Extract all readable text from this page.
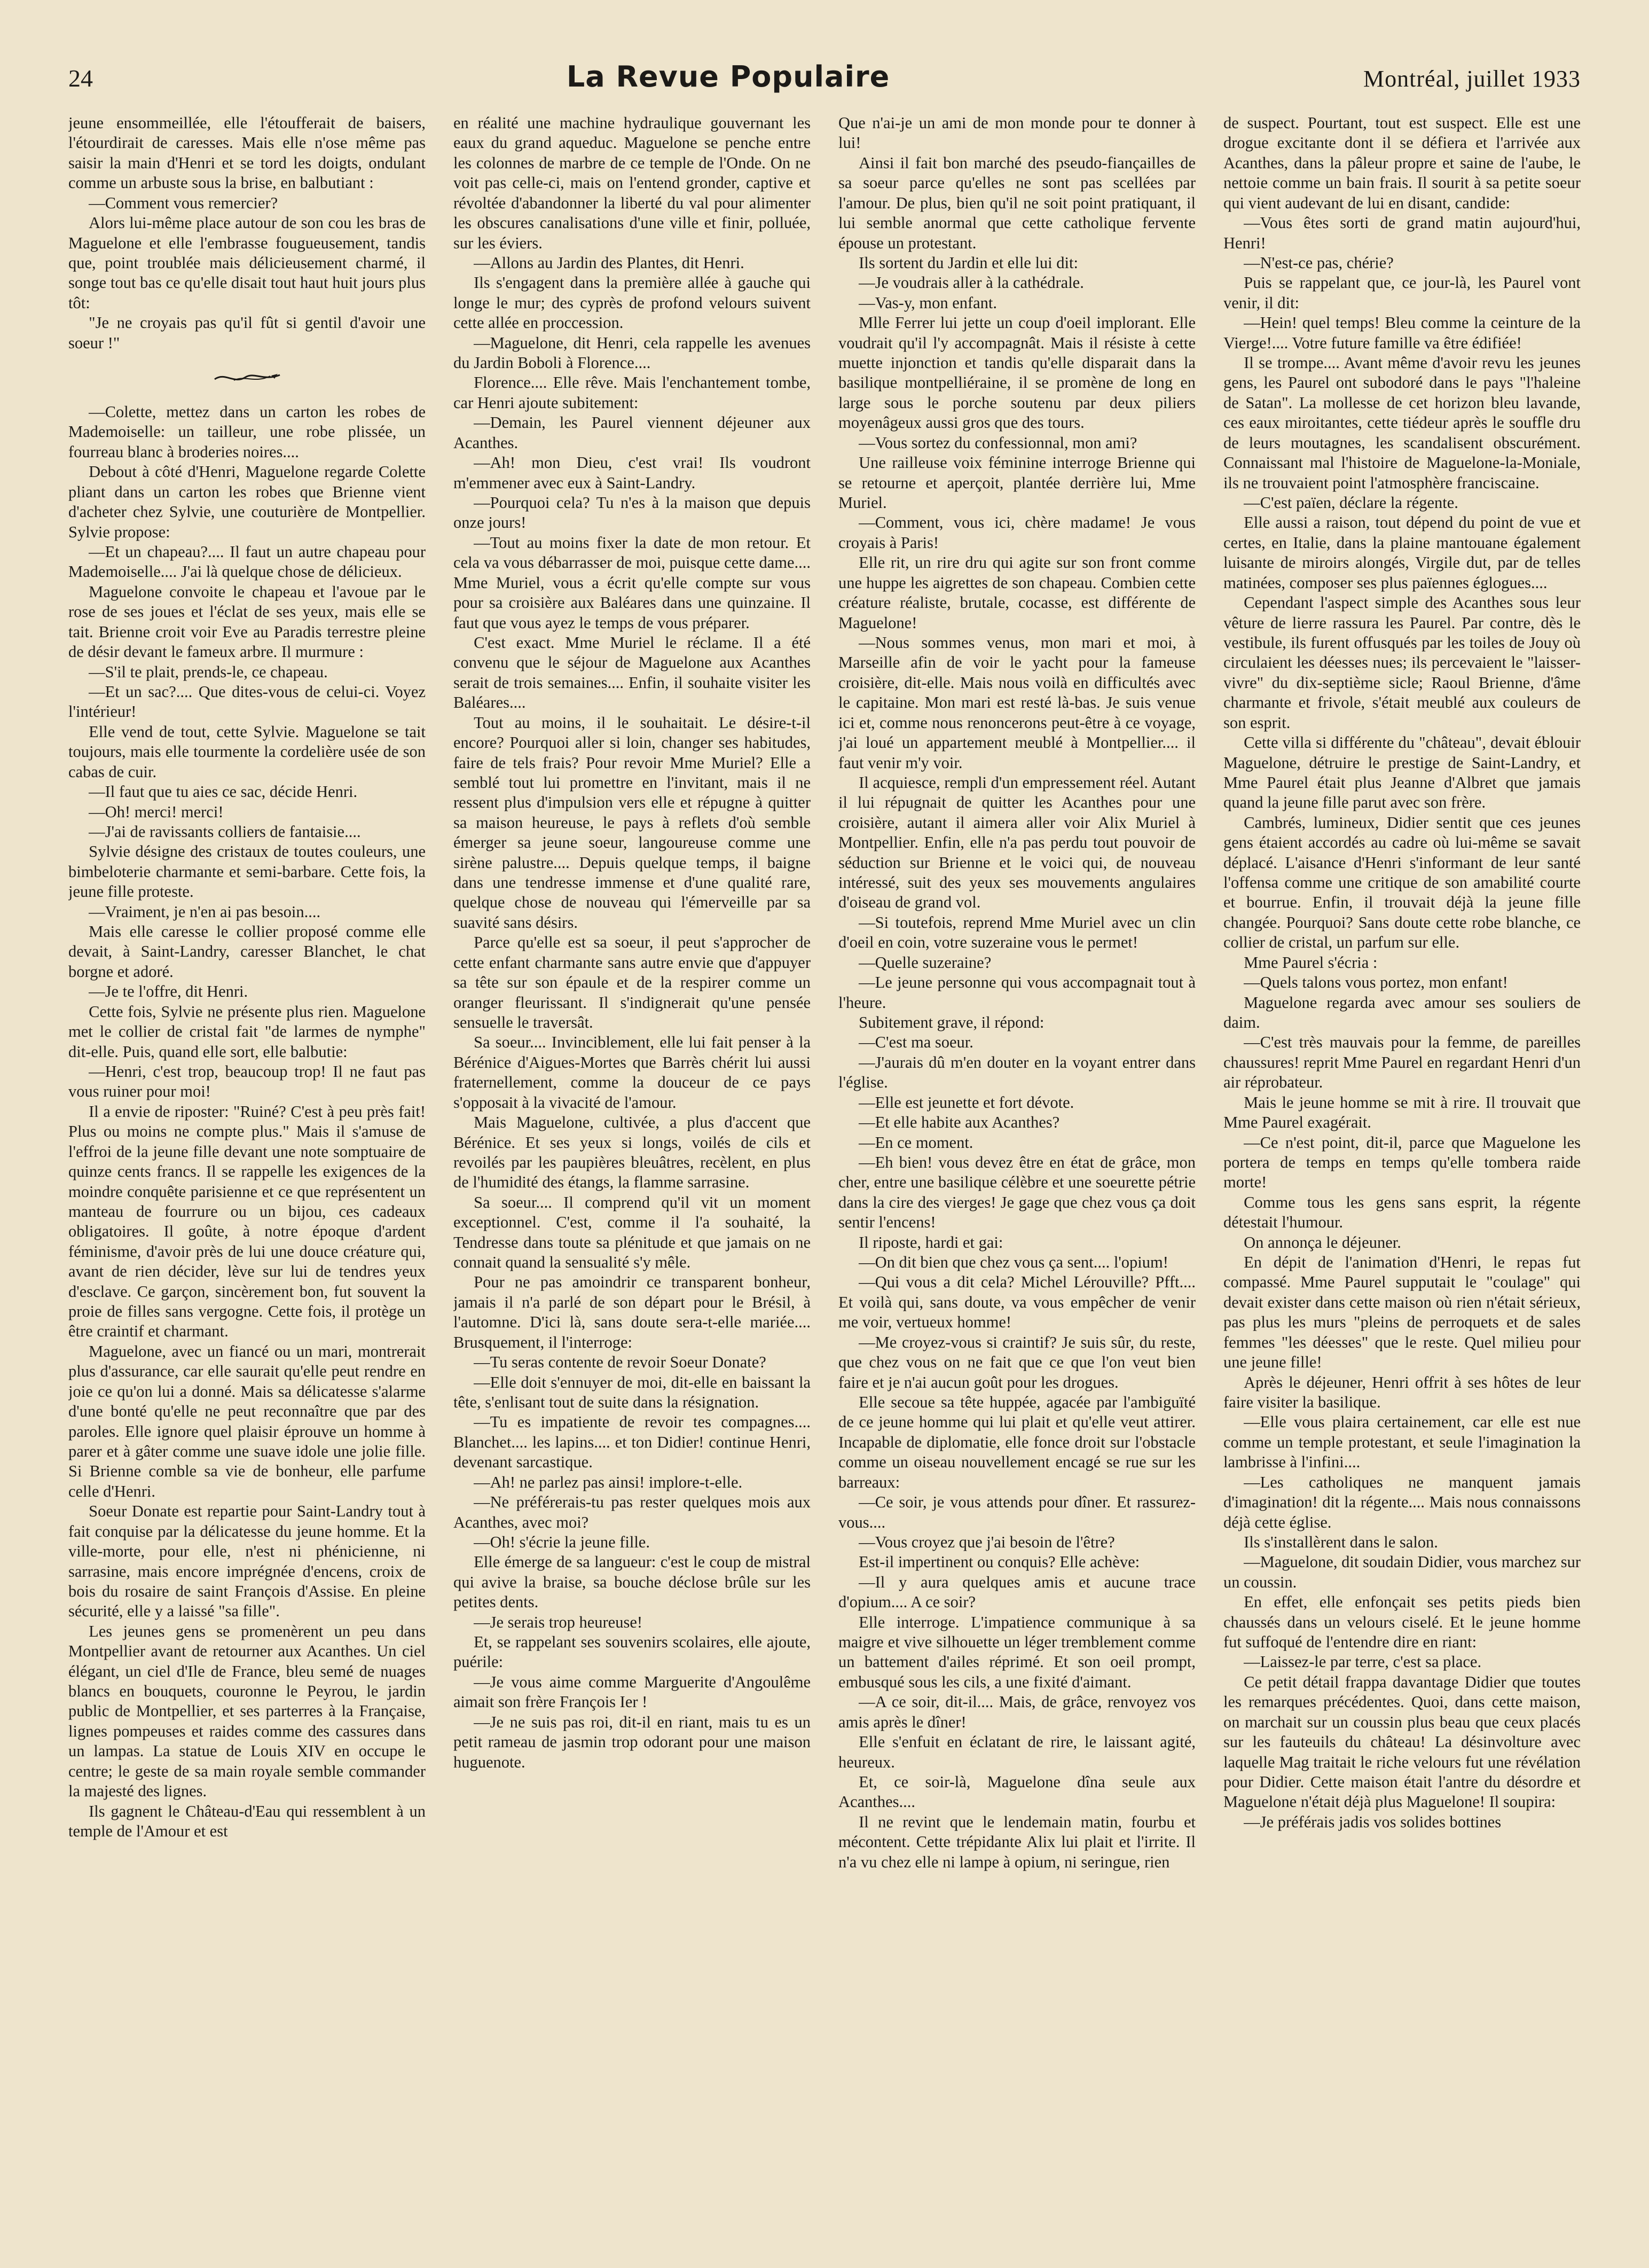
24	La Revue Populaire	Montréal, juillet 1933

jeune ensommeillée, elle l'étoufferait de baisers, l'étourdirait de caresses. Mais elle n'ose même pas saisir la main d'Henri et se tord les doigts, ondulant comme un arbuste sous la brise, en balbutiant :

—Comment vous remercier?

Alors lui-même place autour de son cou les bras de Maguelone et elle l'embrasse fougueusement, tandis que, point troublée mais délicieusement charmé, il songe tout bas ce qu'elle disait tout haut huit jours plus tôt:

"Je ne croyais pas qu'il fût si gentil d'avoir une soeur !"

—Colette, mettez dans un carton les robes de Mademoiselle: un tailleur, une robe plissée, un fourreau blanc à broderies noires....

Debout à côté d'Henri, Maguelone regarde Colette pliant dans un carton les robes que Brienne vient d'acheter chez Sylvie, une couturière de Montpellier. Sylvie propose:

—Et un chapeau?.... Il faut un autre chapeau pour Mademoiselle.... J'ai là quelque chose de délicieux.

Maguelone convoite le chapeau et l'avoue par le rose de ses joues et l'éclat de ses yeux, mais elle se tait. Brienne croit voir Eve au Paradis terrestre pleine de désir devant le fameux arbre. Il murmure :

—S'il te plait, prends-le, ce chapeau.

—Et un sac?.... Que dites-vous de celui-ci. Voyez l'intérieur!

Elle vend de tout, cette Sylvie. Maguelone se tait toujours, mais elle tourmente la cordelière usée de son cabas de cuir.

—Il faut que tu aies ce sac, décide Henri.

—Oh! merci! merci!

—J'ai de ravissants colliers de fantaisie....

Sylvie désigne des cristaux de toutes couleurs, une bimbeloterie charmante et semi-barbare. Cette fois, la jeune fille proteste.

—Vraiment, je n'en ai pas besoin....

Mais elle caresse le collier proposé comme elle devait, à Saint-Landry, caresser Blanchet, le chat borgne et adoré.

—Je te l'offre, dit Henri.

Cette fois, Sylvie ne présente plus rien. Maguelone met le collier de cristal fait "de larmes de nymphe" dit-elle. Puis, quand elle sort, elle balbutie:

—Henri, c'est trop, beaucoup trop! Il ne faut pas vous ruiner pour moi!

Il a envie de riposter: "Ruiné? C'est à peu près fait! Plus ou moins ne compte plus." Mais il s'amuse de l'effroi de la jeune fille devant une note somptuaire de quinze cents francs. Il se rappelle les exigences de la moindre conquête parisienne et ce que représentent un manteau de fourrure ou un bijou, ces cadeaux obligatoires. Il goûte, à notre époque d'ardent féminisme, d'avoir près de lui une douce créature qui, avant de rien décider, lève sur lui de tendres yeux d'esclave. Ce garçon, sincèrement bon, fut souvent la proie de filles sans vergogne. Cette fois, il protège un être craintif et charmant.

Maguelone, avec un fiancé ou un mari, montrerait plus d'assurance, car elle saurait qu'elle peut rendre en joie ce qu'on lui a donné. Mais sa délicatesse s'alarme d'une bonté qu'elle ne peut reconnaître que par des paroles. Elle ignore quel plaisir éprouve un homme à parer et à gâter comme une suave idole une jolie fille. Si Brienne comble sa vie de bonheur, elle parfume celle d'Henri.

Soeur Donate est repartie pour Saint-Landry tout à fait conquise par la délicatesse du jeune homme. Et la ville-morte, pour elle, n'est ni phénicienne, ni sarrasine, mais encore imprégnée d'encens, croix de bois du rosaire de saint François d'Assise. En pleine sécurité, elle y a laissé "sa fille".

Les jeunes gens se promenèrent un peu dans Montpellier avant de retourner aux Acanthes. Un ciel élégant, un ciel d'Ile de France, bleu semé de nuages blancs en bouquets, couronne le Peyrou, le jardin public de Montpellier, et ses parterres à la Française, lignes pompeuses et raides comme des cassures dans un lampas. La statue de Louis XIV en occupe le centre; le geste de sa main royale semble commander la majesté des lignes.

Ils gagnent le Château-d'Eau qui ressemblent à un temple de l'Amour et est

en réalité une machine hydraulique gouvernant les eaux du grand aqueduc. Maguelone se penche entre les colonnes de marbre de ce temple de l'Onde. On ne voit pas celle-ci, mais on l'entend gronder, captive et révoltée d'abandonner la liberté du val pour alimenter les obscures canalisations d'une ville et finir, polluée, sur les éviers.

—Allons au Jardin des Plantes, dit Henri.

Ils s'engagent dans la première allée à gauche qui longe le mur; des cyprès de profond velours suivent cette allée en proccession.

—Maguelone, dit Henri, cela rappelle les avenues du Jardin Boboli à Florence....

Florence.... Elle rêve. Mais l'enchantement tombe, car Henri ajoute subitement:

—Demain, les Paurel viennent déjeuner aux Acanthes.

—Ah! mon Dieu, c'est vrai! Ils voudront m'emmener avec eux à Saint-Landry.

—Pourquoi cela? Tu n'es à la maison que depuis onze jours!

—Tout au moins fixer la date de mon retour. Et cela va vous débarrasser de moi, puisque cette dame.... Mme Muriel, vous a écrit qu'elle compte sur vous pour sa croisière aux Baléares dans une quinzaine. Il faut que vous ayez le temps de vous préparer.

C'est exact. Mme Muriel le réclame. Il a été convenu que le séjour de Maguelone aux Acanthes serait de trois semaines.... Enfin, il souhaite visiter les Baléares....

Tout au moins, il le souhaitait. Le désire-t-il encore? Pourquoi aller si loin, changer ses habitudes, faire de tels frais? Pour revoir Mme Muriel? Elle a semblé tout lui promettre en l'invitant, mais il ne ressent plus d'impulsion vers elle et répugne à quitter sa maison heureuse, le pays à reflets d'où semble émerger sa jeune soeur, langoureuse comme une sirène palustre.... Depuis quelque temps, il baigne dans une tendresse immense et d'une qualité rare, quelque chose de nouveau qui l'émerveille par sa suavité sans désirs.

Parce qu'elle est sa soeur, il peut s'approcher de cette enfant charmante sans autre envie que d'appuyer sa tête sur son épaule et de la respirer comme un oranger fleurissant. Il s'indignerait qu'une pensée sensuelle le traversât.

Sa soeur.... Invinciblement, elle lui fait penser à la Bérénice d'Aigues-Mortes que Barrès chérit lui aussi fraternellement, comme la douceur de ce pays s'opposait à la vivacité de l'amour.

Mais Maguelone, cultivée, a plus d'accent que Bérénice. Et ses yeux si longs, voilés de cils et revoilés par les paupières bleuâtres, recèlent, en plus de l'humidité des étangs, la flamme sarrasine.

Sa soeur.... Il comprend qu'il vit un moment exceptionnel. C'est, comme il l'a souhaité, la Tendresse dans toute sa plénitude et que jamais on ne connait quand la sensualité s'y mêle.

Pour ne pas amoindrir ce transparent bonheur, jamais il n'a parlé de son départ pour le Brésil, à l'automne. D'ici là, sans doute sera-t-elle mariée.... Brusquement, il l'interroge:

—Tu seras contente de revoir Soeur Donate?

—Elle doit s'ennuyer de moi, dit-elle en baissant la tête, s'enlisant tout de suite dans la résignation.

—Tu es impatiente de revoir tes compagnes.... Blanchet.... les lapins.... et ton Didier! continue Henri, devenant sarcastique.

—Ah! ne parlez pas ainsi! implore-t-elle.

—Ne préférerais-tu pas rester quelques mois aux Acanthes, avec moi?

—Oh! s'écrie la jeune fille.

Elle émerge de sa langueur: c'est le coup de mistral qui avive la braise, sa bouche déclose brûle sur les petites dents.

—Je serais trop heureuse!

Et, se rappelant ses souvenirs scolaires, elle ajoute, puérile:

—Je vous aime comme Marguerite d'Angoulême aimait son frère François Ier !

—Je ne suis pas roi, dit-il en riant, mais tu es un petit rameau de jasmin trop odorant pour une maison huguenote.

Que n'ai-je un ami de mon monde pour te donner à lui!

Ainsi il fait bon marché des pseudo-fiançailles de sa soeur parce qu'elles ne sont pas scellées par l'amour. De plus, bien qu'il ne soit point pratiquant, il lui semble anormal que cette catholique fervente épouse un protestant.

Ils sortent du Jardin et elle lui dit:

—Je voudrais aller à la cathédrale.

—Vas-y, mon enfant.

Mlle Ferrer lui jette un coup d'oeil implorant. Elle voudrait qu'il l'y accompagnât. Mais il résiste à cette muette injonction et tandis qu'elle disparait dans la basilique montpelliéraine, il se promène de long en large sous le porche soutenu par deux piliers moyenâgeux aussi gros que des tours.

—Vous sortez du confessionnal, mon ami?

Une railleuse voix féminine interroge Brienne qui se retourne et aperçoit, plantée derrière lui, Mme Muriel.

—Comment, vous ici, chère madame! Je vous croyais à Paris!

Elle rit, un rire dru qui agite sur son front comme une huppe les aigrettes de son chapeau. Combien cette créature réaliste, brutale, cocasse, est différente de Maguelone!

—Nous sommes venus, mon mari et moi, à Marseille afin de voir le yacht pour la fameuse croisière, dit-elle. Mais nous voilà en difficultés avec le capitaine. Mon mari est resté là-bas. Je suis venue ici et, comme nous renoncerons peut-être à ce voyage, j'ai loué un appartement meublé à Montpellier.... il faut venir m'y voir.

Il acquiesce, rempli d'un empressement réel. Autant il lui répugnait de quitter les Acanthes pour une croisière, autant il aimera aller voir Alix Muriel à Montpellier. Enfin, elle n'a pas perdu tout pouvoir de séduction sur Brienne et le voici qui, de nouveau intéressé, suit des yeux ses mouvements angulaires d'oiseau de grand vol.

—Si toutefois, reprend Mme Muriel avec un clin d'oeil en coin, votre suzeraine vous le permet!

—Quelle suzeraine?

—Le jeune personne qui vous accompagnait tout à l'heure.

Subitement grave, il répond:

—C'est ma soeur.

—J'aurais dû m'en douter en la voyant entrer dans l'église.

—Elle est jeunette et fort dévote.

—Et elle habite aux Acanthes?

—En ce moment.

—Eh bien! vous devez être en état de grâce, mon cher, entre une basilique célèbre et une soeurette pétrie dans la cire des vierges! Je gage que chez vous ça doit sentir l'encens!

Il riposte, hardi et gai:

—On dit bien que chez vous ça sent.... l'opium!

—Qui vous a dit cela? Michel Lérouville? Pfft.... Et voilà qui, sans doute, va vous empêcher de venir me voir, vertueux homme!

—Me croyez-vous si craintif? Je suis sûr, du reste, que chez vous on ne fait que ce que l'on veut bien faire et je n'ai aucun goût pour les drogues.

Elle secoue sa tête huppée, agacée par l'ambiguïté de ce jeune homme qui lui plait et qu'elle veut attirer. Incapable de diplomatie, elle fonce droit sur l'obstacle comme un oiseau nouvellement encagé se rue sur les barreaux:

—Ce soir, je vous attends pour dîner. Et rassurez-vous....

—Vous croyez que j'ai besoin de l'être?

Est-il impertinent ou conquis? Elle achève:

—Il y aura quelques amis et aucune trace d'opium.... A ce soir?

Elle interroge. L'impatience communique à sa maigre et vive silhouette un léger tremblement comme un battement d'ailes réprimé. Et son oeil prompt, embusqué sous les cils, a une fixité d'aimant.

—A ce soir, dit-il.... Mais, de grâce, renvoyez vos amis après le dîner!

Elle s'enfuit en éclatant de rire, le laissant agité, heureux.

Et, ce soir-là, Maguelone dîna seule aux Acanthes....

Il ne revint que le lendemain matin, fourbu et mécontent. Cette trépidante Alix lui plait et l'irrite. Il n'a vu chez elle ni lampe à opium, ni seringue, rien

de suspect. Pourtant, tout est suspect. Elle est une drogue excitante dont il se défiera et l'arrivée aux Acanthes, dans la pâleur propre et saine de l'aube, le nettoie comme un bain frais. Il sourit à sa petite soeur qui vient audevant de lui en disant, candide:

—Vous êtes sorti de grand matin aujourd'hui, Henri!

—N'est-ce pas, chérie?

Puis se rappelant que, ce jour-là, les Paurel vont venir, il dit:

—Hein! quel temps! Bleu comme la ceinture de la Vierge!.... Votre future famille va être édifiée!

Il se trompe.... Avant même d'avoir revu les jeunes gens, les Paurel ont subodoré dans le pays "l'haleine de Satan". La mollesse de cet horizon bleu lavande, ces eaux miroitantes, cette tiédeur après le souffle dru de leurs moutagnes, les scandalisent obscurément. Connaissant mal l'histoire de Maguelone-la-Moniale, ils ne trouvaient point l'atmosphère franciscaine.

—C'est païen, déclare la régente.

Elle aussi a raison, tout dépend du point de vue et certes, en Italie, dans la plaine mantouane également luisante de miroirs alongés, Virgile dut, par de telles matinées, composer ses plus païennes églogues....

Cependant l'aspect simple des Acanthes sous leur vêture de lierre rassura les Paurel. Par contre, dès le vestibule, ils furent offusqués par les toiles de Jouy où circulaient les déesses nues; ils percevaient le "laisser-vivre" du dix-septième sicle; Raoul Brienne, d'âme charmante et frivole, s'était meublé aux couleurs de son esprit.

Cette villa si différente du "château", devait éblouir Maguelone, détruire le prestige de Saint-Landry, et Mme Paurel était plus Jeanne d'Albret que jamais quand la jeune fille parut avec son frère.

Cambrés, lumineux, Didier sentit que ces jeunes gens étaient accordés au cadre où lui-même se savait déplacé. L'aisance d'Henri s'informant de leur santé l'offensa comme une critique de son amabilité courte et bourrue. Enfin, il trouvait déjà la jeune fille changée. Pourquoi? Sans doute cette robe blanche, ce collier de cristal, un parfum sur elle.

Mme Paurel s'écria :

—Quels talons vous portez, mon enfant!

Maguelone regarda avec amour ses souliers de daim.

—C'est très mauvais pour la femme, de pareilles chaussures! reprit Mme Paurel en regardant Henri d'un air réprobateur.

Mais le jeune homme se mit à rire. Il trouvait que Mme Paurel exagérait.

—Ce n'est point, dit-il, parce que Maguelone les portera de temps en temps qu'elle tombera raide morte!

Comme tous les gens sans esprit, la régente détestait l'humour.

On annonça le déjeuner.

En dépit de l'animation d'Henri, le repas fut compassé. Mme Paurel supputait le "coulage" qui devait exister dans cette maison où rien n'était sérieux, pas plus les murs "pleins de perroquets et de sales femmes "les déesses" que le reste. Quel milieu pour une jeune fille!

Après le déjeuner, Henri offrit à ses hôtes de leur faire visiter la basilique.

—Elle vous plaira certainement, car elle est nue comme un temple protestant, et seule l'imagination la lambrisse à l'infini....

—Les catholiques ne manquent jamais d'imagination! dit la régente.... Mais nous connaissons déjà cette église.

Ils s'installèrent dans le salon.

—Maguelone, dit soudain Didier, vous marchez sur un coussin.

En effet, elle enfonçait ses petits pieds bien chaussés dans un velours ciselé. Et le jeune homme fut suffoqué de l'entendre dire en riant:

—Laissez-le par terre, c'est sa place.

Ce petit détail frappa davantage Didier que toutes les remarques précédentes. Quoi, dans cette maison, on marchait sur un coussin plus beau que ceux placés sur les fauteuils du château! La désinvolture avec laquelle Mag traitait le riche velours fut une révélation pour Didier. Cette maison était l'antre du désordre et Maguelone n'était déjà plus Maguelone! Il soupira:

—Je préférais jadis vos solides bottines
